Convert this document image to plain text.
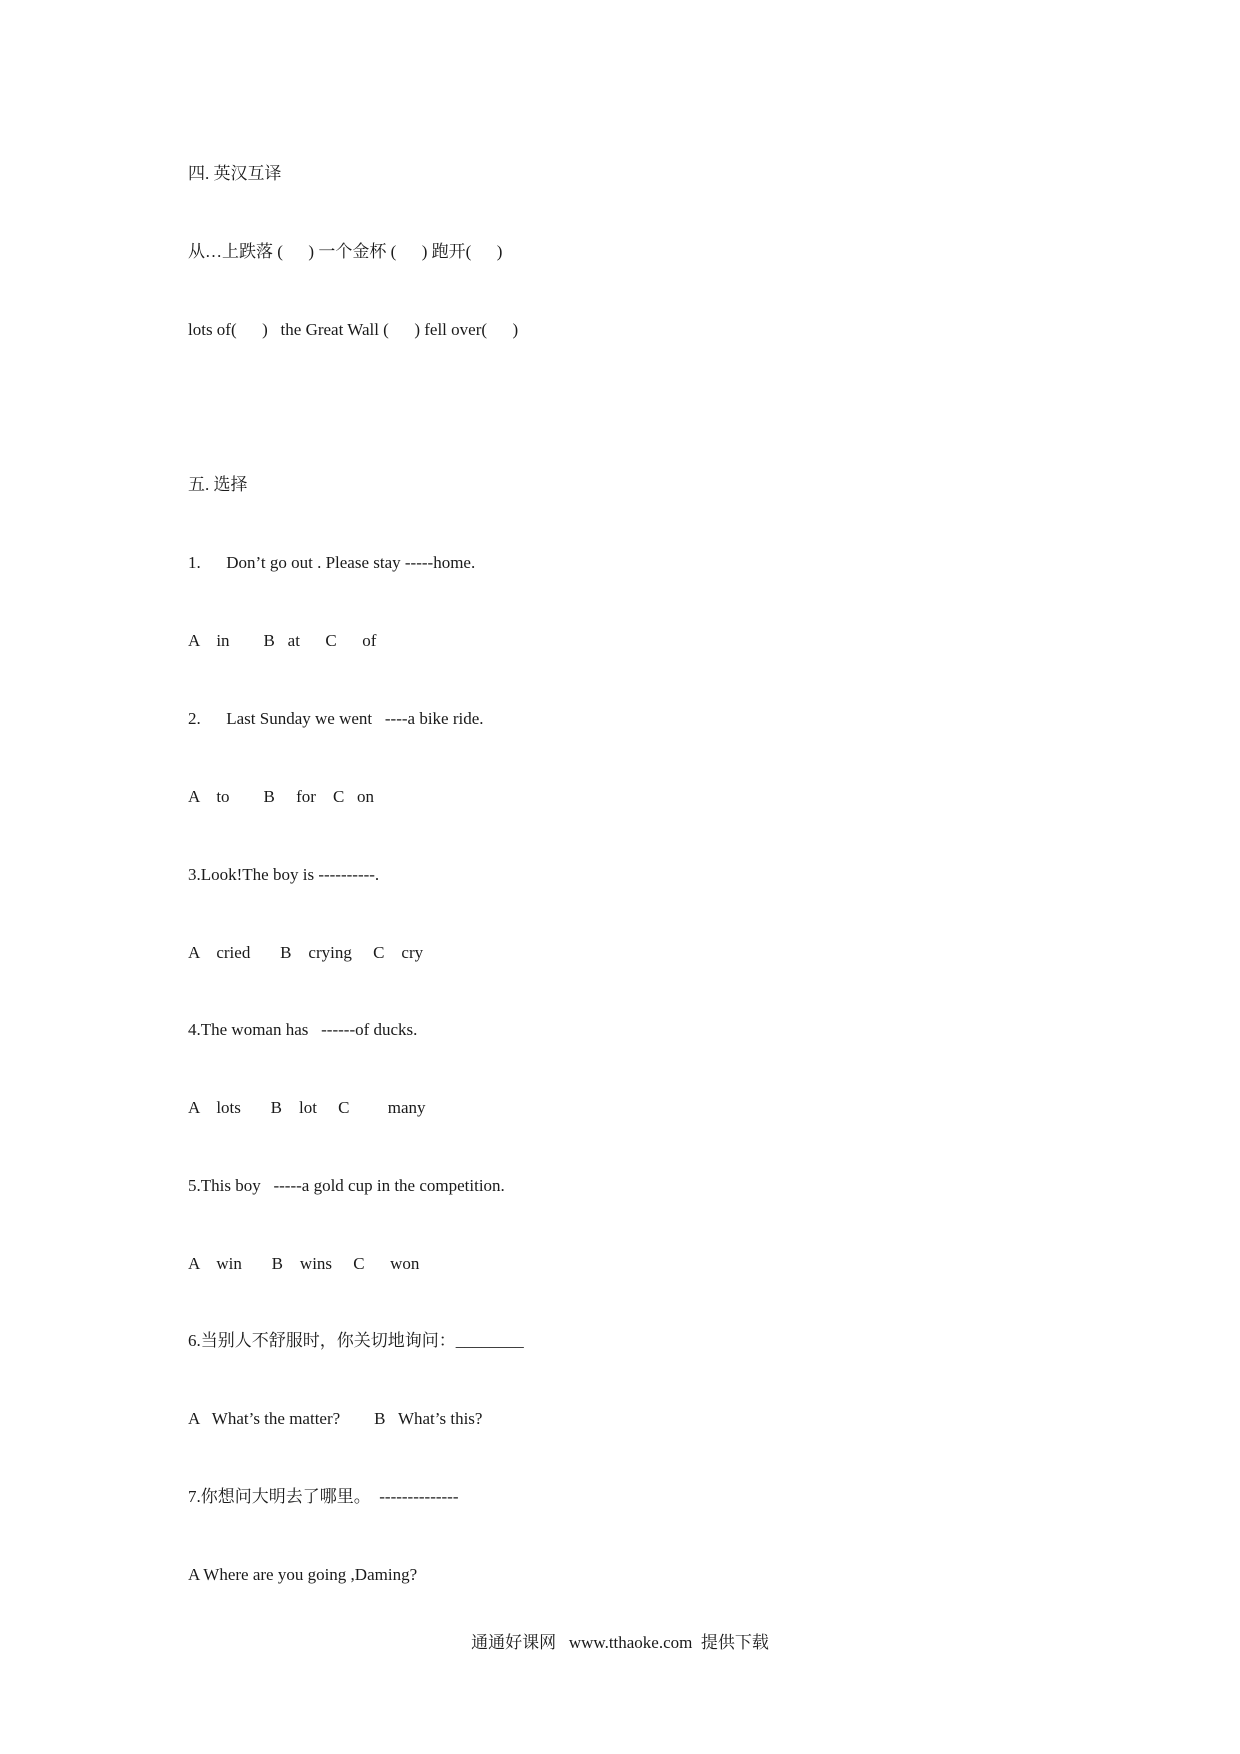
四. 英汉互译
从…上跌落 (      ) 一个金杯 (      ) 跑开(      )
lots of(      )   the Great Wall (      ) fell over(      )
五. 选择
1.      Don’t go out . Please stay -----home.
A    in        B   at      C      of
2.      Last Sunday we went   ----a bike ride.
A    to        B     for    C   on
3.Look!The boy is ----------.
A    cried       B    crying     C    cry
4.The woman has   ------of ducks.
A    lots       B    lot     C         many
5.This boy   -----a gold cup in the competition.
A    win       B    wins     C      won
6.当别人不舒服时，你关切地询问：________
A   What’s the matter?        B   What’s this?
7.你想问大明去了哪里。  --------------
A Where are you going ,Daming?
通通好课网   www.tthaoke.com  提供下载
